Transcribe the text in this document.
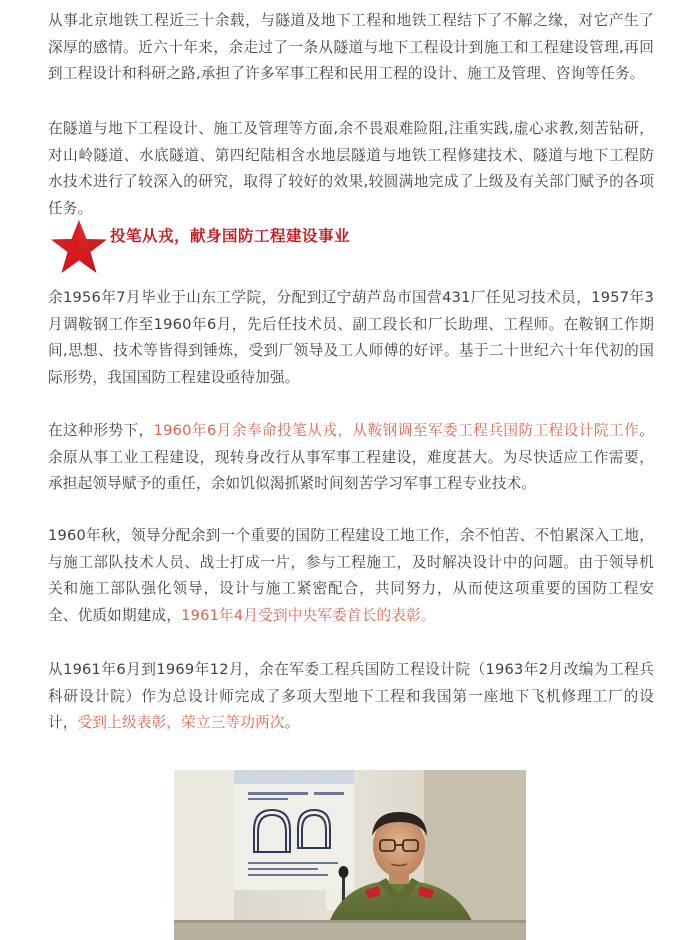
从事北京地铁工程近三十余载，与隧道及地下工程和地铁工程结下了不解之缘，对它产生了深厚的感情。近六十年来，余走过了一条从隧道与地下工程设计到施工和工程建设管理,再回到工程设计和科研之路,承担了许多军事工程和民用工程的设计、施工及管理、咨询等任务。

在隧道与地下工程设计、施工及管理等方面,余不畏艰难险阻,注重实践,虚心求教,刻苦钻研，对山岭隧道、水底隧道、第四纪陆相含水地层隧道与地铁工程修建技术、隧道与地下工程防水技术进行了较深入的研究，取得了较好的效果,较圆满地完成了上级及有关部门赋予的各项任务。

投笔从戎，献身国防工程建设事业

余1956年7月毕业于山东工学院，分配到辽宁葫芦岛市国营431厂任见习技术员，1957年3月调鞍钢工作至1960年6月，先后任技术员、副工段长和厂长助理、工程师。在鞍钢工作期间,思想、技术等皆得到锤炼，受到厂领导及工人师傅的好评。基于二十世纪六十年代初的国际形势，我国国防工程建设亟待加强。

在这种形势下，1960年6月余奉命投笔从戎，从鞍钢调至军委工程兵国防工程设计院工作。余原从事工业工程建设，现转身改行从事军事工程建设，难度甚大。为尽快适应工作需要，承担起领导赋予的重任，余如饥似渴抓紧时间刻苦学习军事工程专业技术。

1960年秋，领导分配余到一个重要的国防工程建设工地工作，余不怕苦、不怕累深入工地，与施工部队技术人员、战士打成一片，参与工程施工，及时解决设计中的问题。由于领导机关和施工部队强化领导，设计与施工紧密配合，共同努力，从而使这项重要的国防工程安全、优质如期建成，1961年4月受到中央军委首长的表彰。

从1961年6月到1969年12月，余在军委工程兵国防工程设计院（1963年2月改编为工程兵科研设计院）作为总设计师完成了多项大型地下工程和我国第一座地下飞机修理工厂的设计，受到上级表彰，荣立三等功两次。
